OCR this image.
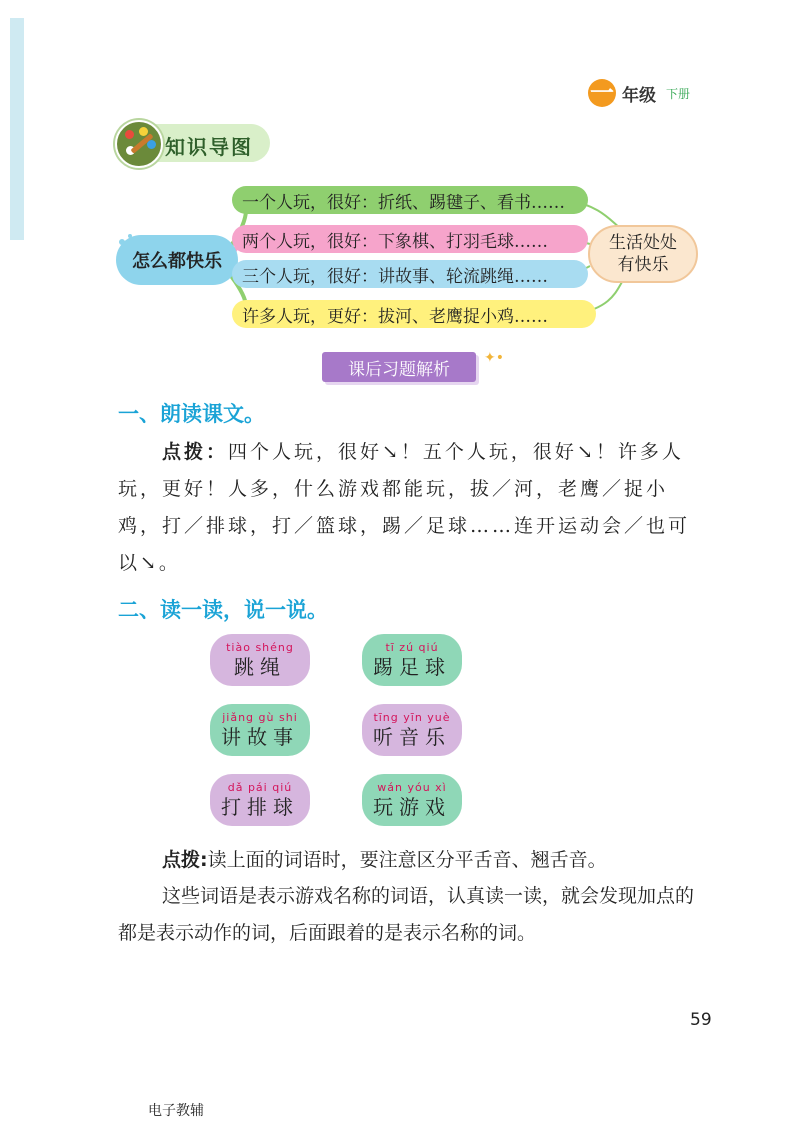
一 年级 下册
知识导图
怎么都快乐
一个人玩，很好：折纸、踢毽子、看书……
两个人玩，很好：下象棋、打羽毛球……
三个人玩，很好：讲故事、轮流跳绳……
许多人玩，更好：拔河、老鹰捉小鸡……
生活处处
有快乐
课后习题解析
✦•
一、朗读课文。
点拨：四个人玩，很好↘！五个人玩，很好↘！许多人玩，更好！人多，什么游戏都能玩，拔／河，老鹰／捉小鸡，打／排球，打／篮球，踢／足球……连开运动会／也可以↘。
二、读一读，说一说。
tiào shéng
跳绳
tī zú qiú
踢足球
jiǎng gù shi
讲故事
tīng yīn yuè
听音乐
dǎ pái qiú
打排球
wán yóu xì
玩游戏
点拨:读上面的词语时，要注意区分平舌音、翘舌音。
这些词语是表示游戏名称的词语，认真读一读，就会发现加点的都是表示动作的词，后面跟着的是表示名称的词。
59
电子教辅
